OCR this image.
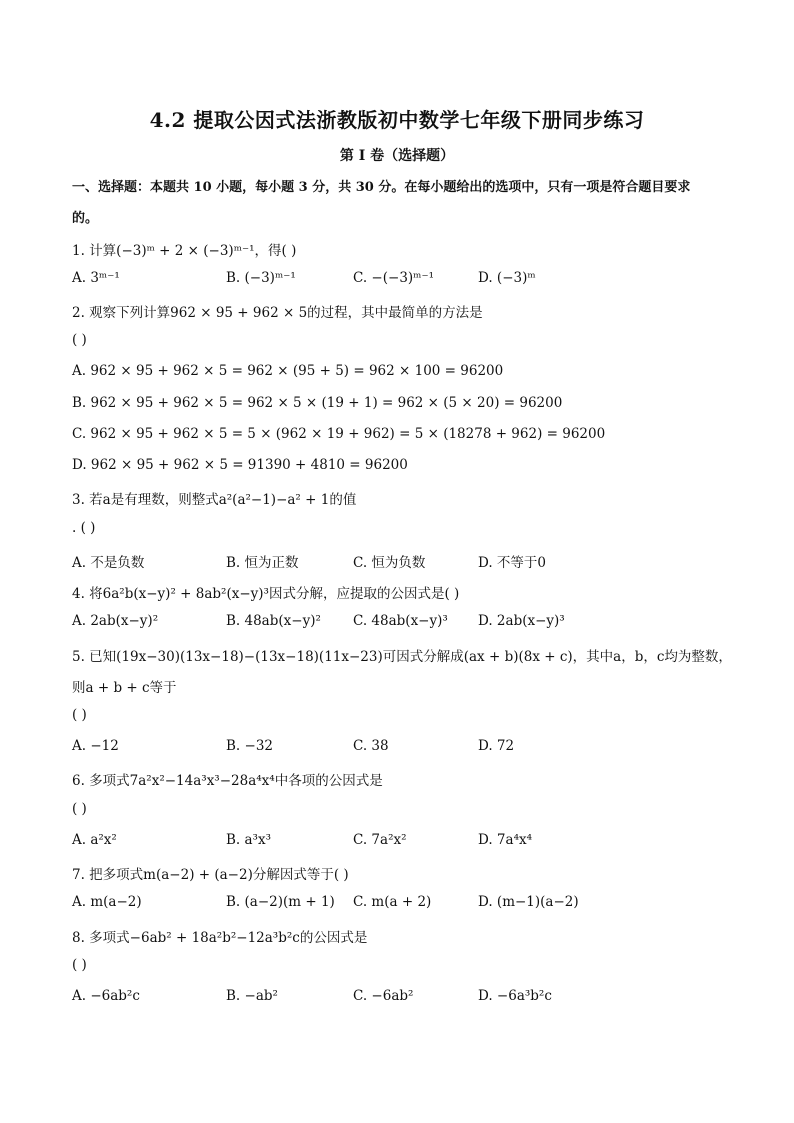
4.2 提取公因式法浙教版初中数学七年级下册同步练习
第 I 卷（选择题）
一、选择题：本题共 10 小题，每小题 3 分，共 30 分。在每小题给出的选项中，只有一项是符合题目要求
的。
1. 计算(−3)ᵐ + 2 × (−3)ᵐ⁻¹，得( )
A. 3ᵐ⁻¹	B. (−3)ᵐ⁻¹	C. −(−3)ᵐ⁻¹	D. (−3)ᵐ
2. 观察下列计算962 × 95 + 962 × 5的过程，其中最简单的方法是
( )
A. 962 × 95 + 962 × 5 = 962 × (95 + 5) = 962 × 100 = 96200
B. 962 × 95 + 962 × 5 = 962 × 5 × (19 + 1) = 962 × (5 × 20) = 96200
C. 962 × 95 + 962 × 5 = 5 × (962 × 19 + 962) = 5 × (18278 + 962) = 96200
D. 962 × 95 + 962 × 5 = 91390 + 4810 = 96200
3. 若a是有理数，则整式a²(a²−1)−a² + 1的值
. ( )
A. 不是负数	B. 恒为正数	C. 恒为负数	D. 不等于0
4. 将6a²b(x−y)² + 8ab²(x−y)³因式分解，应提取的公因式是( )
A. 2ab(x−y)²	B. 48ab(x−y)² C. 48ab(x−y)³ D. 2ab(x−y)³
5. 已知(19x−30)(13x−18)−(13x−18)(11x−23)可因式分解成(ax + b)(8x + c)，其中a，b，c均为整数，
则a + b + c等于
( )
A. −12	B. −32	C. 38	D. 72
6. 多项式7a²x²−14a³x³−28a⁴x⁴中各项的公因式是
( )
A. a²x²	B. a³x³	C. 7a²x²	D. 7a⁴x⁴
7. 把多项式m(a−2) + (a−2)分解因式等于( )
A. m(a−2)	B. (a−2)(m + 1) C. m(a + 2)	D. (m−1)(a−2)
8. 多项式−6ab² + 18a²b²−12a³b²c的公因式是
( )
A. −6ab²c	B. −ab²	C. −6ab²	D. −6a³b²c
